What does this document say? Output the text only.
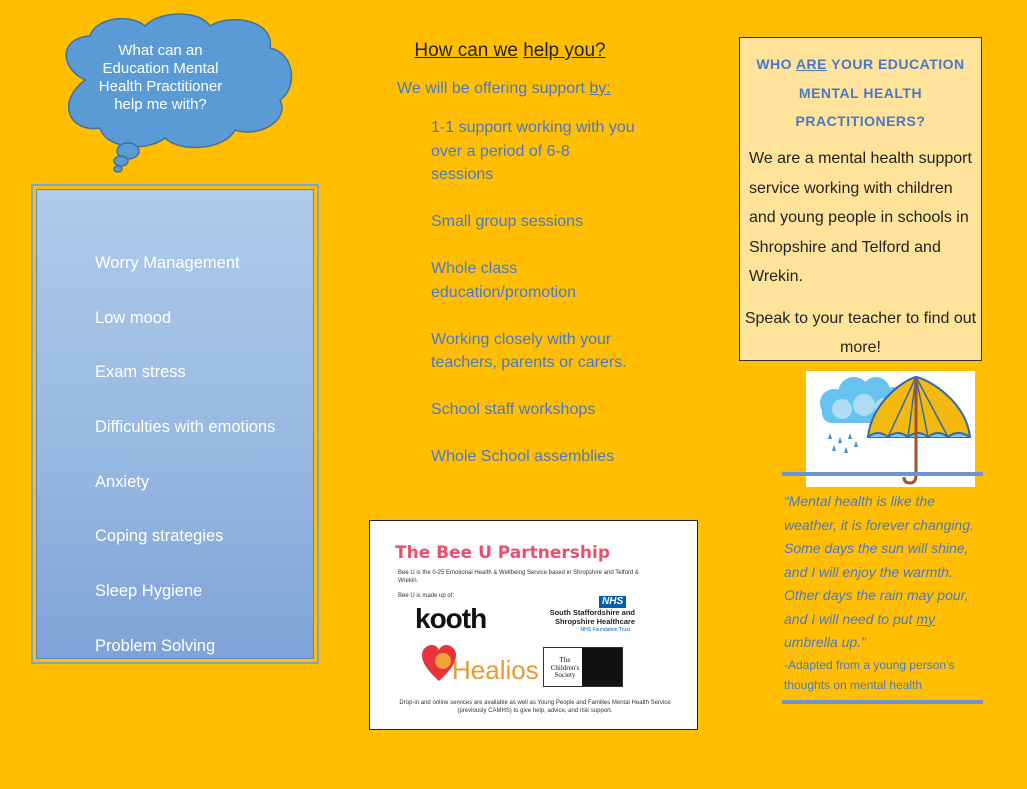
What can an Education Mental Health Practitioner help me with?
Worry Management
Low mood
Exam stress
Difficulties with emotions
Anxiety
Coping strategies
Sleep Hygiene
Problem Solving
How can we help you?
We will be offering support by:
1-1 support working with you over a period of 6-8 sessions
Small group sessions
Whole class education/promotion
Working closely with your teachers, parents or carers.
School staff workshops
Whole School assemblies
The Bee U Partnership
Bee U is the 0-25 Emotional Health & Wellbeing Service based in Shropshire and Telford & Wrekin.
Bee U is made up of:
kooth
NHS
South Staffordshire and Shropshire Healthcare
NHS Foundation Trust
Healios	The Children's Society
Drop-in and online services are available as well as Young People and Families Mental Health Service (previously CAMHS) to give help, advice, and risk support.
WHO ARE YOUR EDUCATION MENTAL HEALTH PRACTITIONERS?
We are a mental health support service working with children and young people in schools in Shropshire and Telford and Wrekin.
Speak to your teacher to find out more!
“Mental health is like the weather, it is forever changing. Some days the sun will shine, and I will enjoy the warmth. Other days the rain may pour, and I will need to put my umbrella up.”
-Adapted from a young person’s thoughts on mental health
